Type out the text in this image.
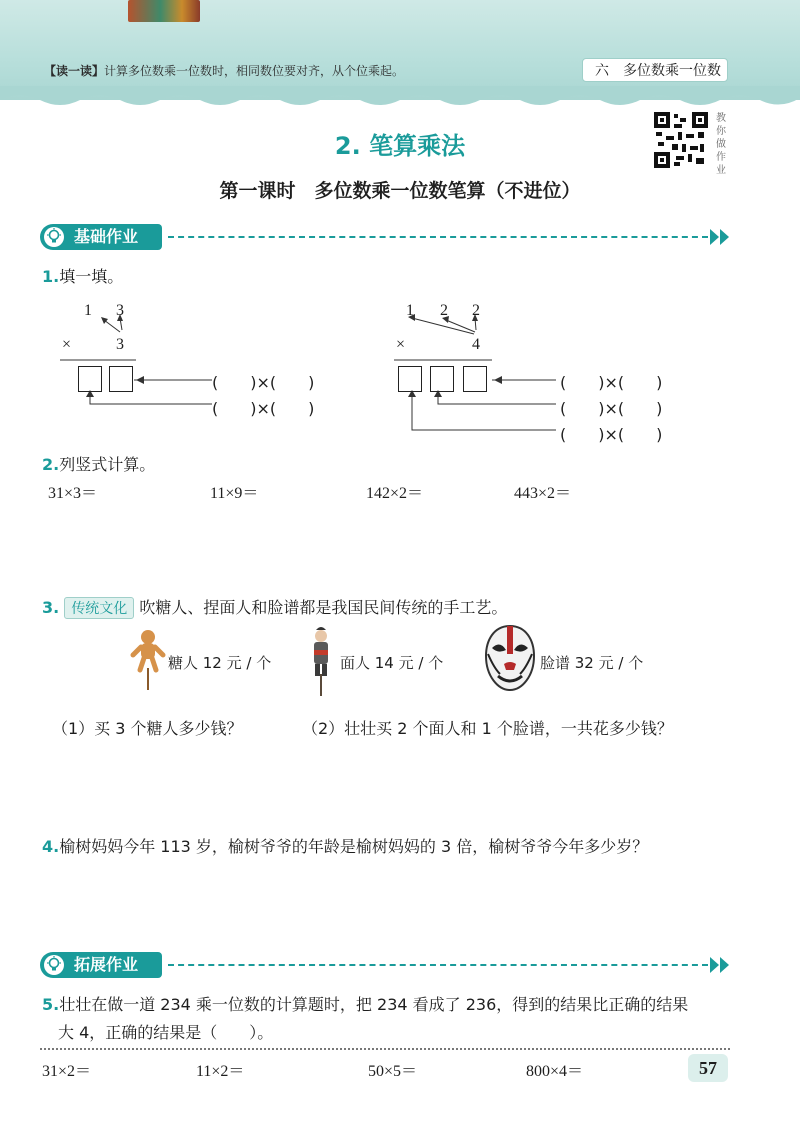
【读一读】计算多位数乘一位数时，相同数位要对齐，从个位乘起。	六　多位数乘一位数
2. 笔算乘法
第一课时　多位数乘一位数笔算（不进位）
教你做作业
基础作业
1.填一填。
1 3
×	3
(　　)×(　　)
(　　)×(　　)
1 2 2
×	4
(　　)×(　　)
(　　)×(　　)
(　　)×(　　)
2.列竖式计算。
31×3＝	11×9＝	142×2＝	443×2＝
3. 传统文化 吹糖人、捏面人和脸谱都是我国民间传统的手工艺。
糖人 12 元 / 个	面人 14 元 / 个	脸谱 32 元 / 个
（1）买 3 个糖人多少钱？	（2）壮壮买 2 个面人和 1 个脸谱，一共花多少钱？
4.榆树妈妈今年 113 岁，榆树爷爷的年龄是榆树妈妈的 3 倍，榆树爷爷今年多少岁？
拓展作业
5.壮壮在做一道 234 乘一位数的计算题时，把 234 看成了 236，得到的结果比正确的结果
大 4，正确的结果是（　　）。
31×2＝	11×2＝	50×5＝	800×4＝	57
